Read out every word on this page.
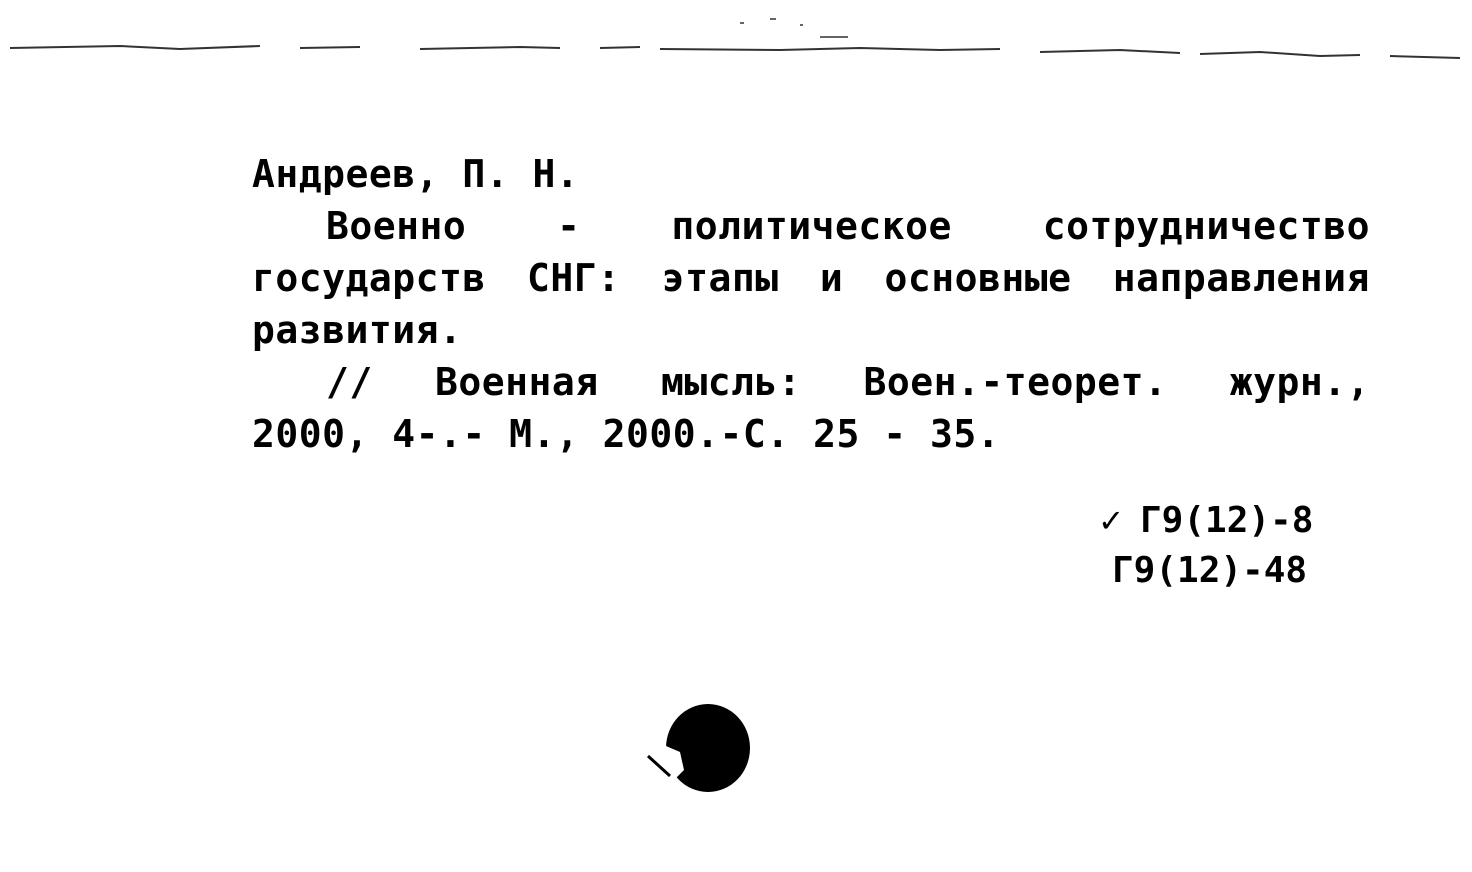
Андреев, П. Н.
Военно - политическое сотрудничество
государств СНГ: этапы и основные направления
развития.
// Военная мысль: Воен.-теорет. журн.,
2000, 4-.- М., 2000.-С. 25 - 35.
✓ Г9(12)-8
Г9(12)-48
